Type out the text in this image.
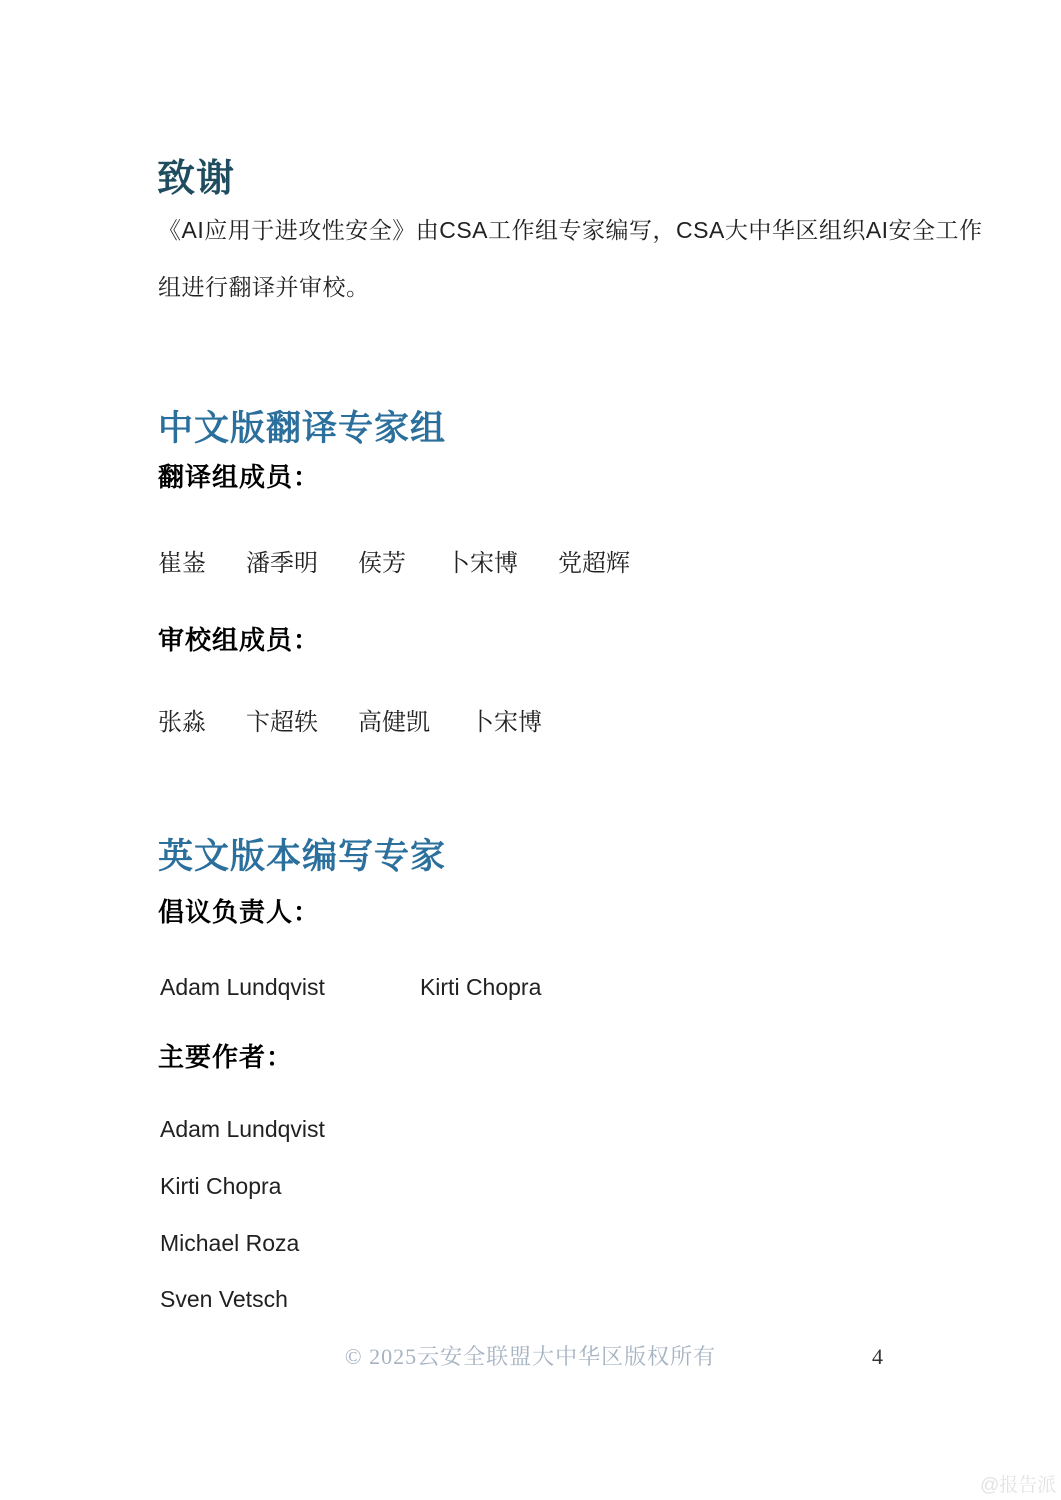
致谢
《AI应用于进攻性安全》由CSA工作组专家编写，CSA大中华区组织AI安全工作
组进行翻译并审校。
中文版翻译专家组
翻译组成员：
崔崟 潘季明 侯芳 卜宋博 党超辉
审校组成员：
张淼 卞超轶 高健凯 卜宋博
英文版本编写专家
倡议负责人：
Adam Lundqvist	Kirti Chopra
主要作者：
Adam Lundqvist
Kirti Chopra
Michael Roza
Sven Vetsch
© 2025云安全联盟大中华区版权所有	4
@报告派
